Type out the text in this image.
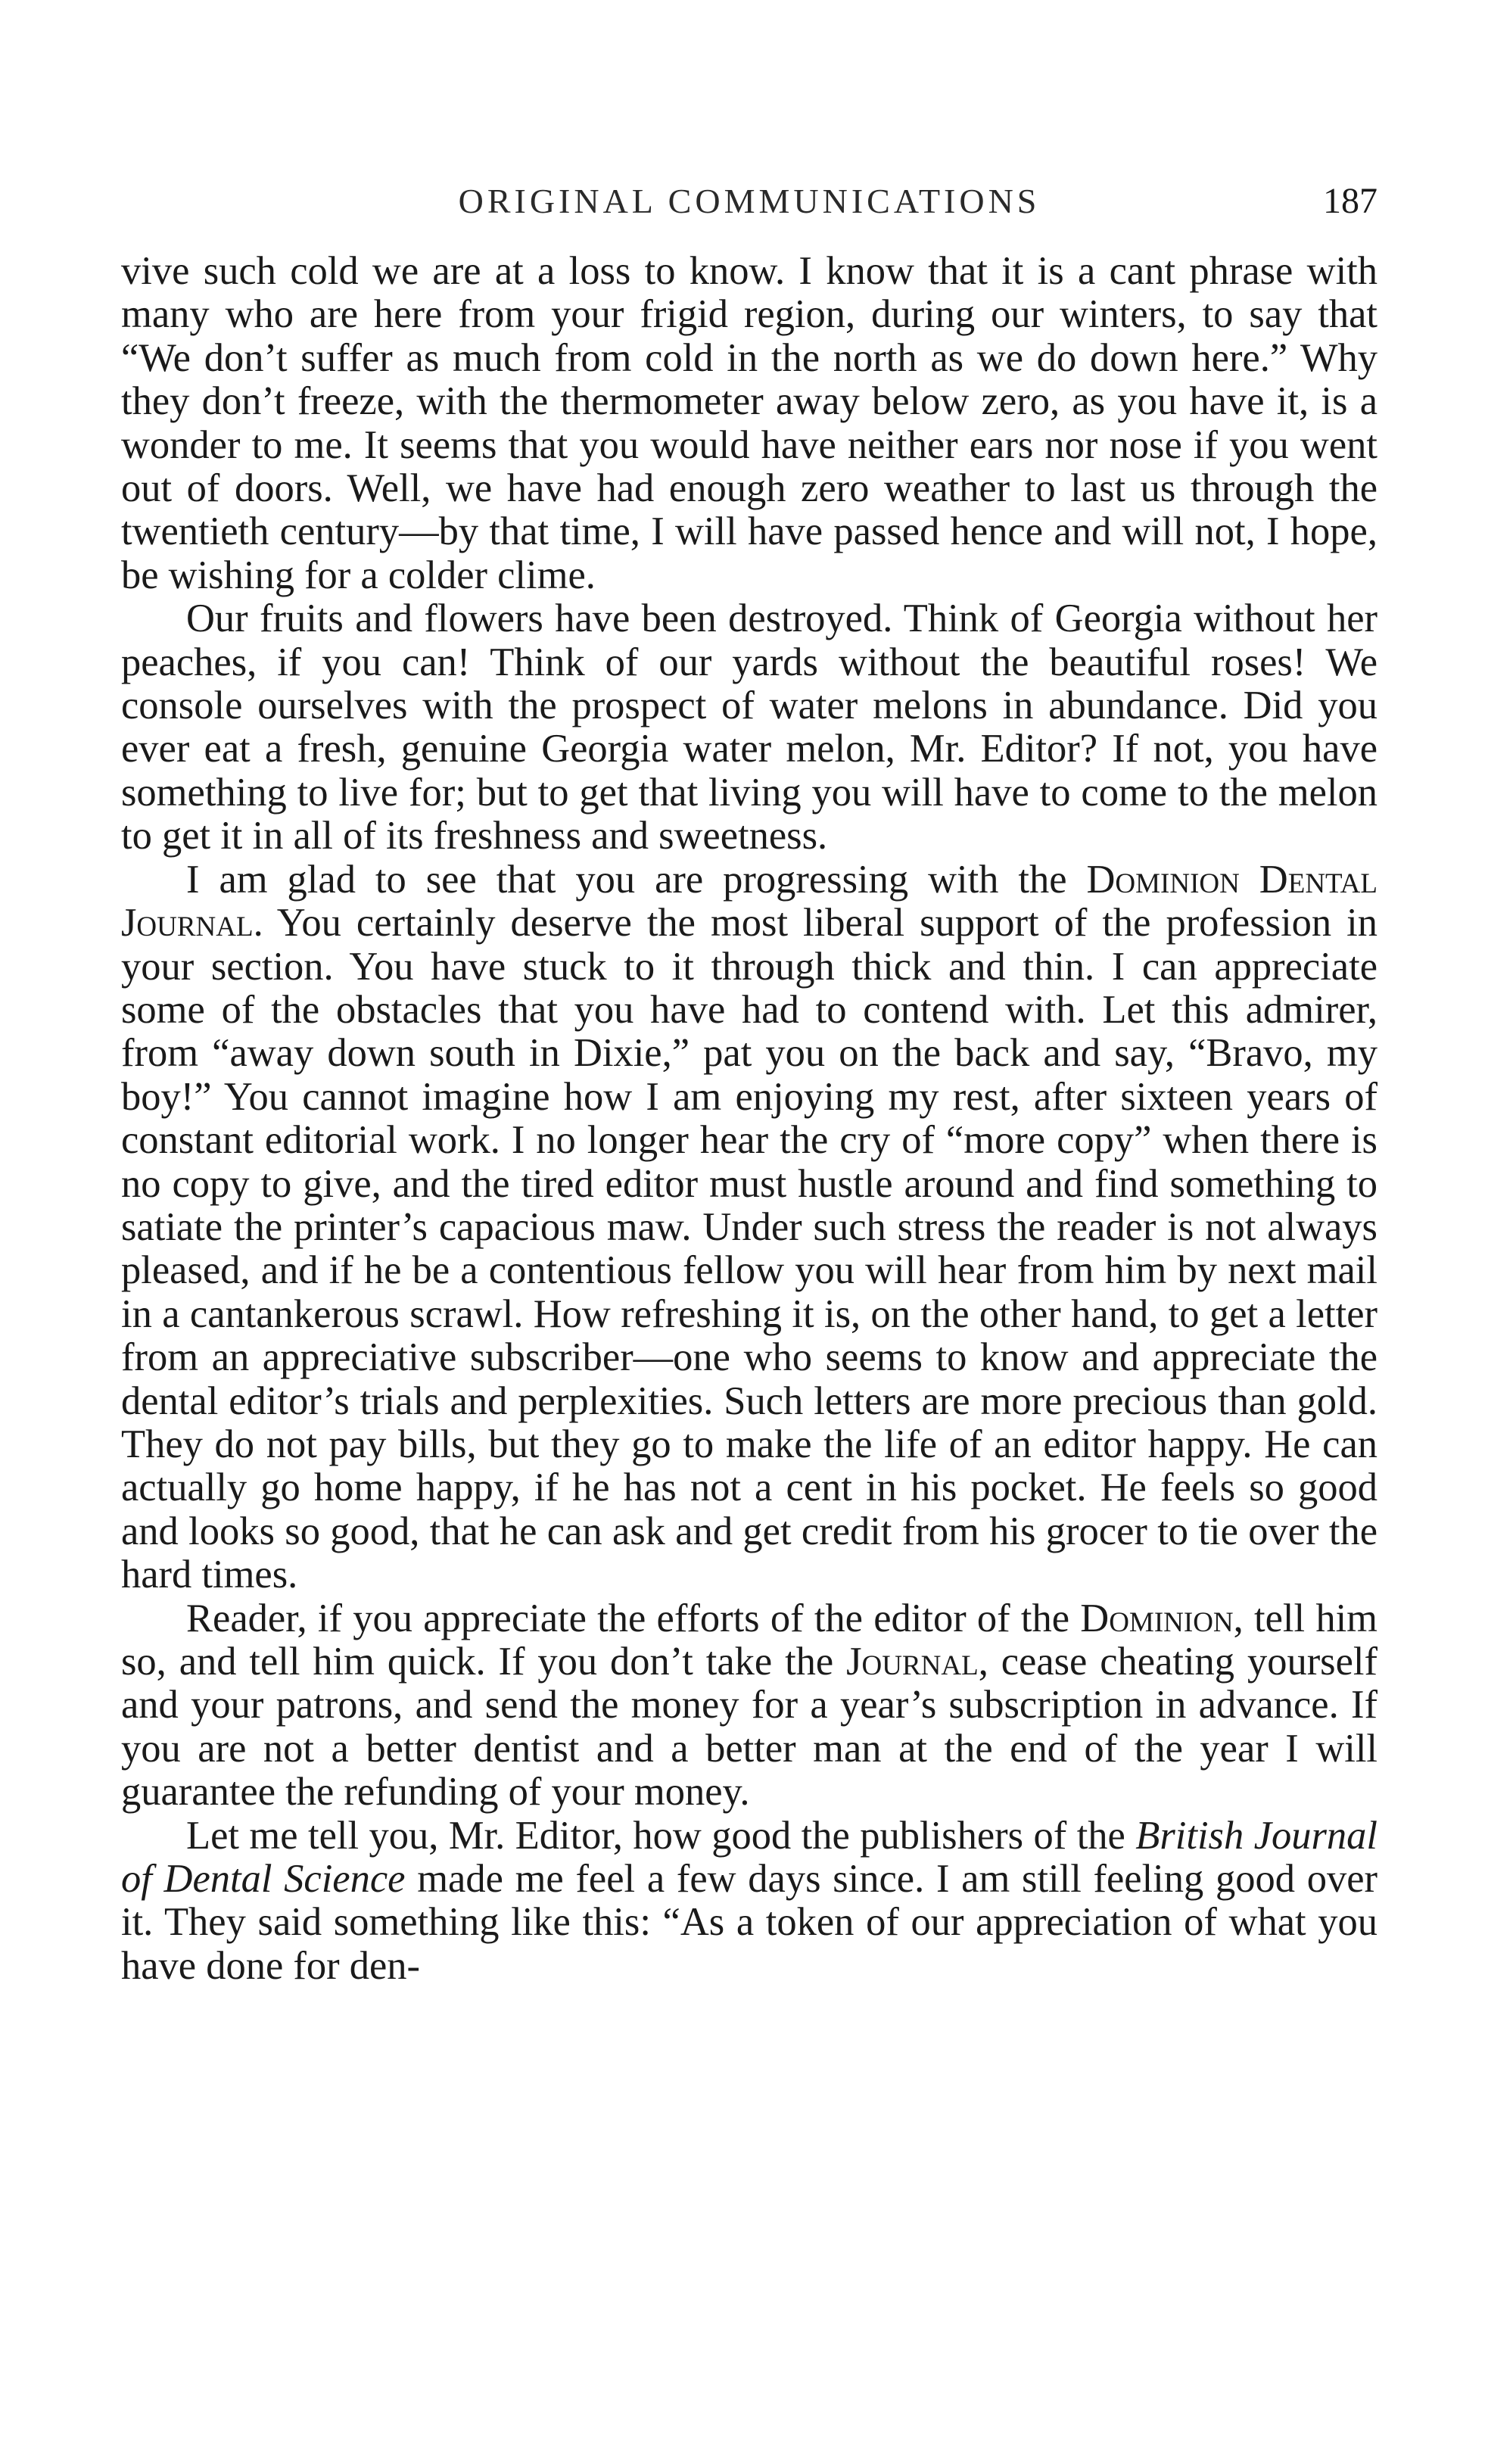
ORIGINAL COMMUNICATIONS	187

vive such cold we are at a loss to know. I know that it is a cant phrase with many who are here from your frigid region, during our winters, to say that “We don’t suffer as much from cold in the north as we do down here.” Why they don’t freeze, with the thermometer away below zero, as you have it, is a wonder to me. It seems that you would have neither ears nor nose if you went out of doors. Well, we have had enough zero weather to last us through the twentieth century—by that time, I will have passed hence and will not, I hope, be wishing for a colder clime.

Our fruits and flowers have been destroyed. Think of Georgia without her peaches, if you can! Think of our yards without the beautiful roses! We console ourselves with the prospect of water melons in abundance. Did you ever eat a fresh, genuine Georgia water melon, Mr. Editor? If not, you have something to live for; but to get that living you will have to come to the melon to get it in all of its freshness and sweetness.

I am glad to see that you are progressing with the Dominion Dental Journal. You certainly deserve the most liberal support of the profession in your section. You have stuck to it through thick and thin. I can appreciate some of the obstacles that you have had to contend with. Let this admirer, from “away down south in Dixie,” pat you on the back and say, “Bravo, my boy!” You cannot imagine how I am enjoying my rest, after sixteen years of constant editorial work. I no longer hear the cry of “more copy” when there is no copy to give, and the tired editor must hustle around and find something to satiate the printer’s capacious maw. Under such stress the reader is not always pleased, and if he be a contentious fellow you will hear from him by next mail in a cantankerous scrawl. How refreshing it is, on the other hand, to get a letter from an appreciative subscriber—one who seems to know and appreciate the dental editor’s trials and perplexities. Such letters are more precious than gold. They do not pay bills, but they go to make the life of an editor happy. He can actually go home happy, if he has not a cent in his pocket. He feels so good and looks so good, that he can ask and get credit from his grocer to tie over the hard times.

Reader, if you appreciate the efforts of the editor of the Dominion, tell him so, and tell him quick. If you don’t take the Journal, cease cheating yourself and your patrons, and send the money for a year’s subscription in advance. If you are not a better dentist and a better man at the end of the year I will guarantee the refunding of your money.

Let me tell you, Mr. Editor, how good the publishers of the British Journal of Dental Science made me feel a few days since. I am still feeling good over it. They said something like this: “As a token of our appreciation of what you have done for den-
